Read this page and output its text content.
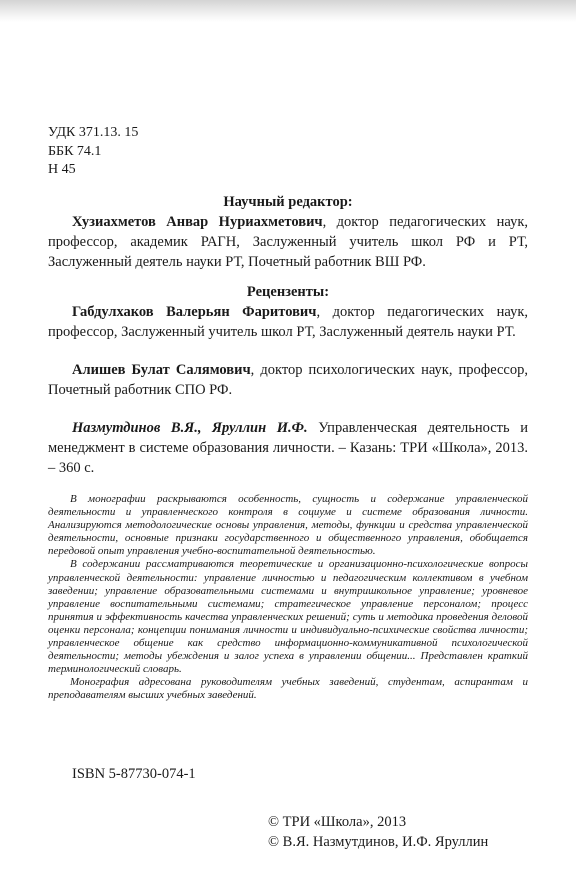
УДК 371.13. 15
ББК 74.1
Н 45
Научный редактор:
Хузиахметов Анвар Нуриахметович, доктор педагогических наук, профессор, академик РАГН, Заслуженный учитель школ РФ и РТ, Заслуженный деятель науки РТ, Почетный работник ВШ РФ.
Рецензенты:
Габдулхаков Валерьян Фаритович, доктор педагогических наук, профессор, Заслуженный учитель школ РТ, Заслуженный деятель науки РТ.
Алишев Булат Салямович, доктор психологических наук, профессор, Почетный работник СПО РФ.
Назмутдинов В.Я., Яруллин И.Ф. Управленческая деятельность и менеджмент в системе образования личности. – Казань: ТРИ «Школа», 2013. – 360 с.

В монографии раскрываются особенность, сущность и содержание управленческой деятельности и управленческого контроля в социуме и системе образования личности. Анализируются методологические основы управления, методы, функции и средства управленческой деятельности, основные признаки государственного и общественного управления, обобщается передовой опыт управления учебно-воспитательной деятельностью.

В содержании рассматриваются теоретические и организационно-психологические вопросы управленческой деятельности: управление личностью и педагогическим коллективом в учебном заведении; управление образовательными системами и внутришкольное управление; уровневое управление воспитательными системами; стратегическое управление персоналом; процесс принятия и эффективность качества управленческих решений; суть и методика проведения деловой оценки персонала; концепции понимания личности и индивидуально-психические свойства личности; управленческое общение как средство информационно-коммуникативной психологической деятельности; методы убеждения и залог успеха в управлении общении... Представлен краткий терминологический словарь.

Монография адресована руководителям учебных заведений, студентам, аспирантам и преподавателям высших учебных заведений.

ISBN 5-87730-074-1
© ТРИ «Школа», 2013
© В.Я. Назмутдинов, И.Ф. Яруллин
